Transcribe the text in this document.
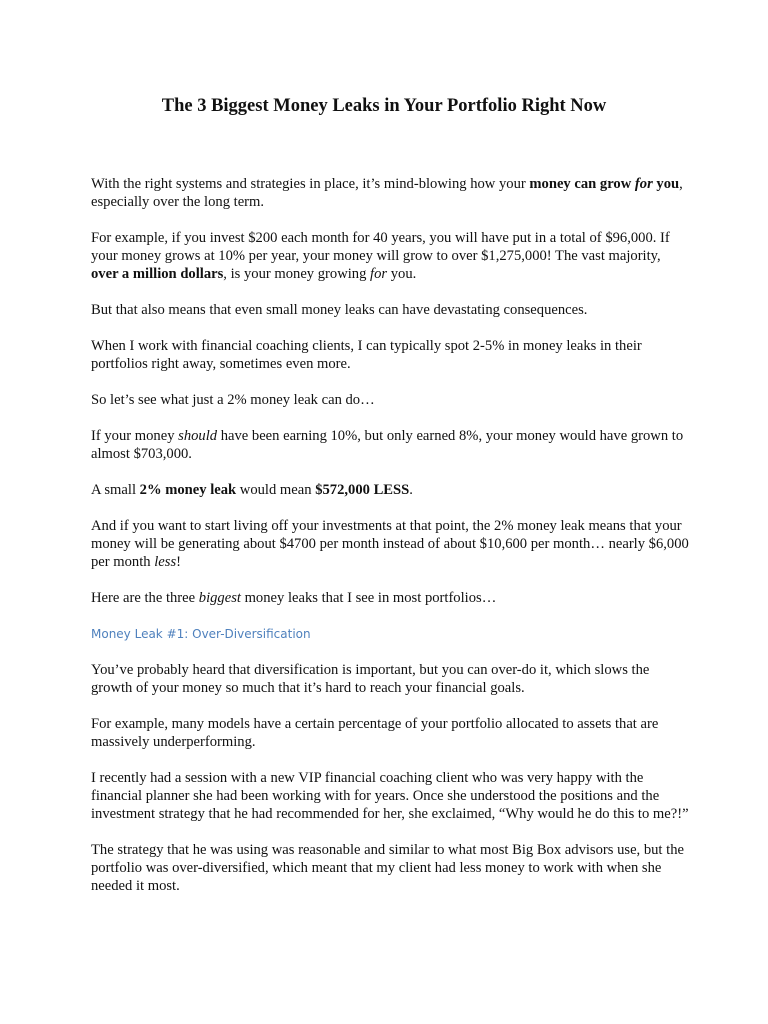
The 3 Biggest Money Leaks in Your Portfolio Right Now

With the right systems and strategies in place, it’s mind-blowing how your money can grow for you, especially over the long term.

For example, if you invest $200 each month for 40 years, you will have put in a total of $96,000. If your money grows at 10% per year, your money will grow to over $1,275,000! The vast majority, over a million dollars, is your money growing for you.

But that also means that even small money leaks can have devastating consequences.

When I work with financial coaching clients, I can typically spot 2-5% in money leaks in their portfolios right away, sometimes even more.

So let’s see what just a 2% money leak can do…

If your money should have been earning 10%, but only earned 8%, your money would have grown to almost $703,000.

A small 2% money leak would mean $572,000 LESS.

And if you want to start living off your investments at that point, the 2% money leak means that your money will be generating about $4700 per month instead of about $10,600 per month… nearly $6,000 per month less!

Here are the three biggest money leaks that I see in most portfolios…

Money Leak #1: Over-Diversification

You’ve probably heard that diversification is important, but you can over-do it, which slows the growth of your money so much that it’s hard to reach your financial goals.

For example, many models have a certain percentage of your portfolio allocated to assets that are massively underperforming.

I recently had a session with a new VIP financial coaching client who was very happy with the financial planner she had been working with for years. Once she understood the positions and the investment strategy that he had recommended for her, she exclaimed, “Why would he do this to me?!”

The strategy that he was using was reasonable and similar to what most Big Box advisors use, but the portfolio was over-diversified, which meant that my client had less money to work with when she needed it most.
